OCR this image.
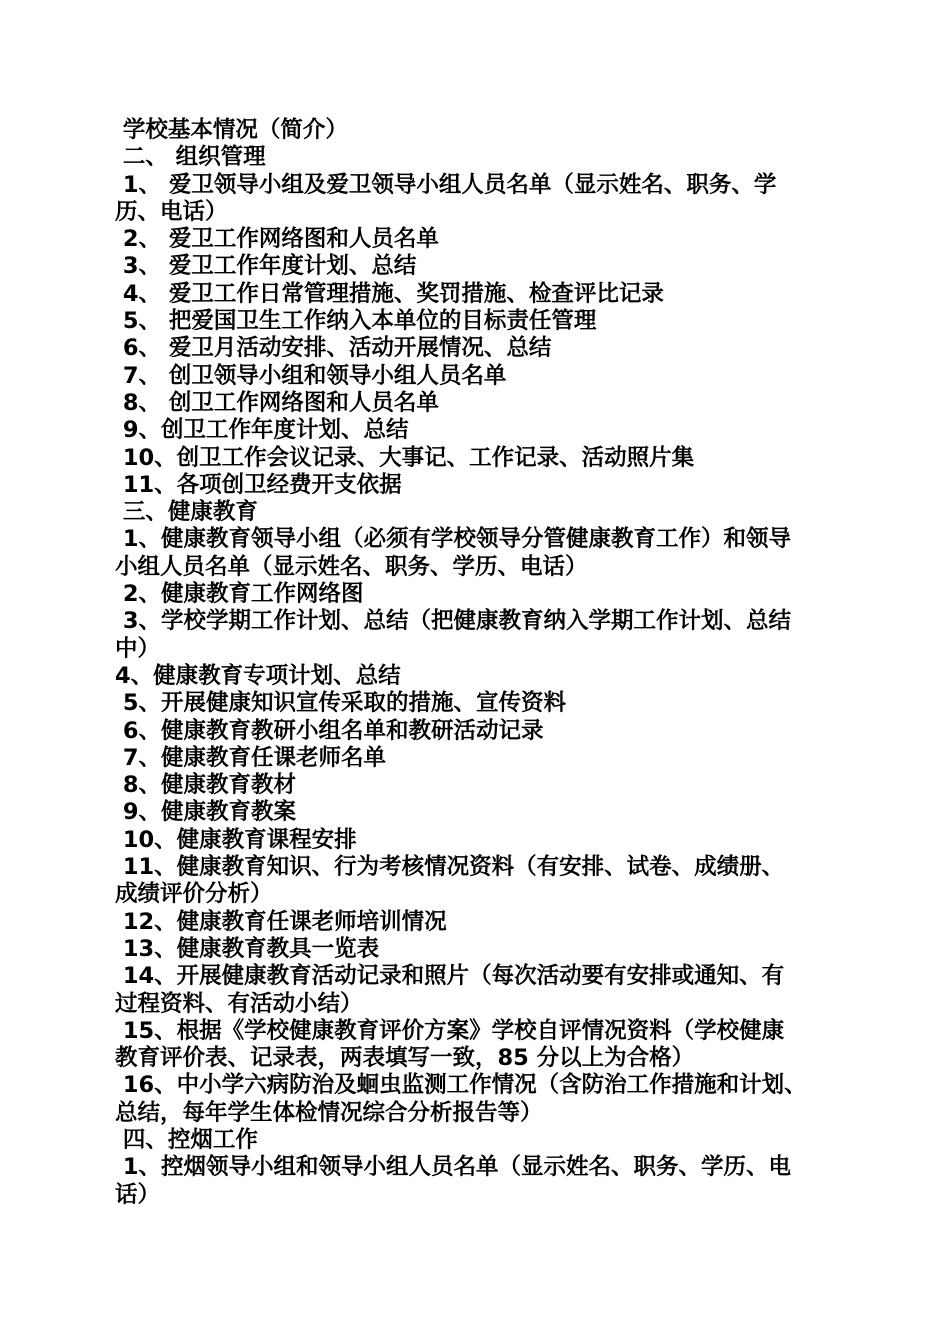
学校基本情况（简介）
二、 组织管理
1、 爱卫领导小组及爱卫领导小组人员名单（显示姓名、职务、学
历、电话）
2、 爱卫工作网络图和人员名单
3、 爱卫工作年度计划、总结
4、 爱卫工作日常管理措施、奖罚措施、检查评比记录
5、 把爱国卫生工作纳入本单位的目标责任管理
6、 爱卫月活动安排、活动开展情况、总结
7、 创卫领导小组和领导小组人员名单
8、 创卫工作网络图和人员名单
9、创卫工作年度计划、总结
10、创卫工作会议记录、大事记、工作记录、活动照片集
11、各项创卫经费开支依据
三、健康教育
1、健康教育领导小组（必须有学校领导分管健康教育工作）和领导
小组人员名单（显示姓名、职务、学历、电话）
2、健康教育工作网络图
3、学校学期工作计划、总结（把健康教育纳入学期工作计划、总结
中）
4、健康教育专项计划、总结
5、开展健康知识宣传采取的措施、宣传资料
6、健康教育教研小组名单和教研活动记录
7、健康教育任课老师名单
8、健康教育教材
9、健康教育教案
10、健康教育课程安排
11、健康教育知识、行为考核情况资料（有安排、试卷、成绩册、
成绩评价分析）
12、健康教育任课老师培训情况
13、健康教育教具一览表
14、开展健康教育活动记录和照片（每次活动要有安排或通知、有
过程资料、有活动小结）
15、根据《学校健康教育评价方案》学校自评情况资料（学校健康
教育评价表、记录表，两表填写一致，85 分以上为合格）
16、中小学六病防治及蛔虫监测工作情况（含防治工作措施和计划、
总结，每年学生体检情况综合分析报告等）
四、控烟工作
1、控烟领导小组和领导小组人员名单（显示姓名、职务、学历、电
话）
